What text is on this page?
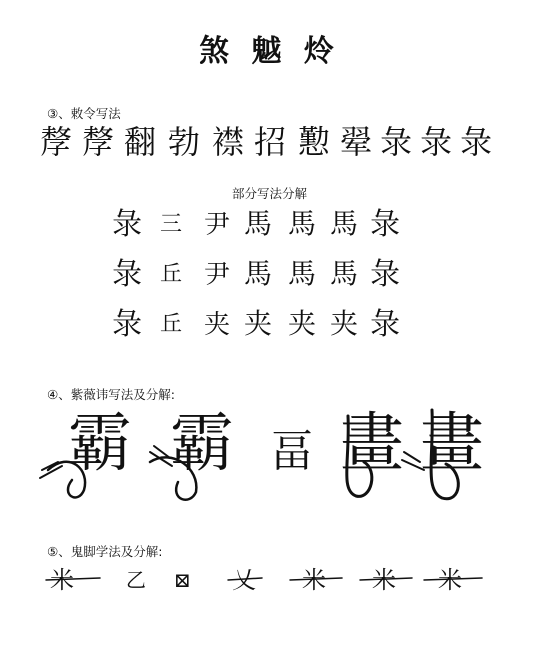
煞 魆 炩
③、敕令写法
孷 孷 翻 勃 襟 招 懃 翚 彔 彔 彔
部分写法分解
彔 三 尹 馬 馬 馬 彔
彔 丘 尹 馬 馬 馬 彔
彔 丘 夹 夹 夹 夹 彔
④、紫薇讳写法及分解:
霸 霸 畐 畫 畫
⑤、鬼脚学法及分解:
米	乙 ⊠ 乂 米 米 米
